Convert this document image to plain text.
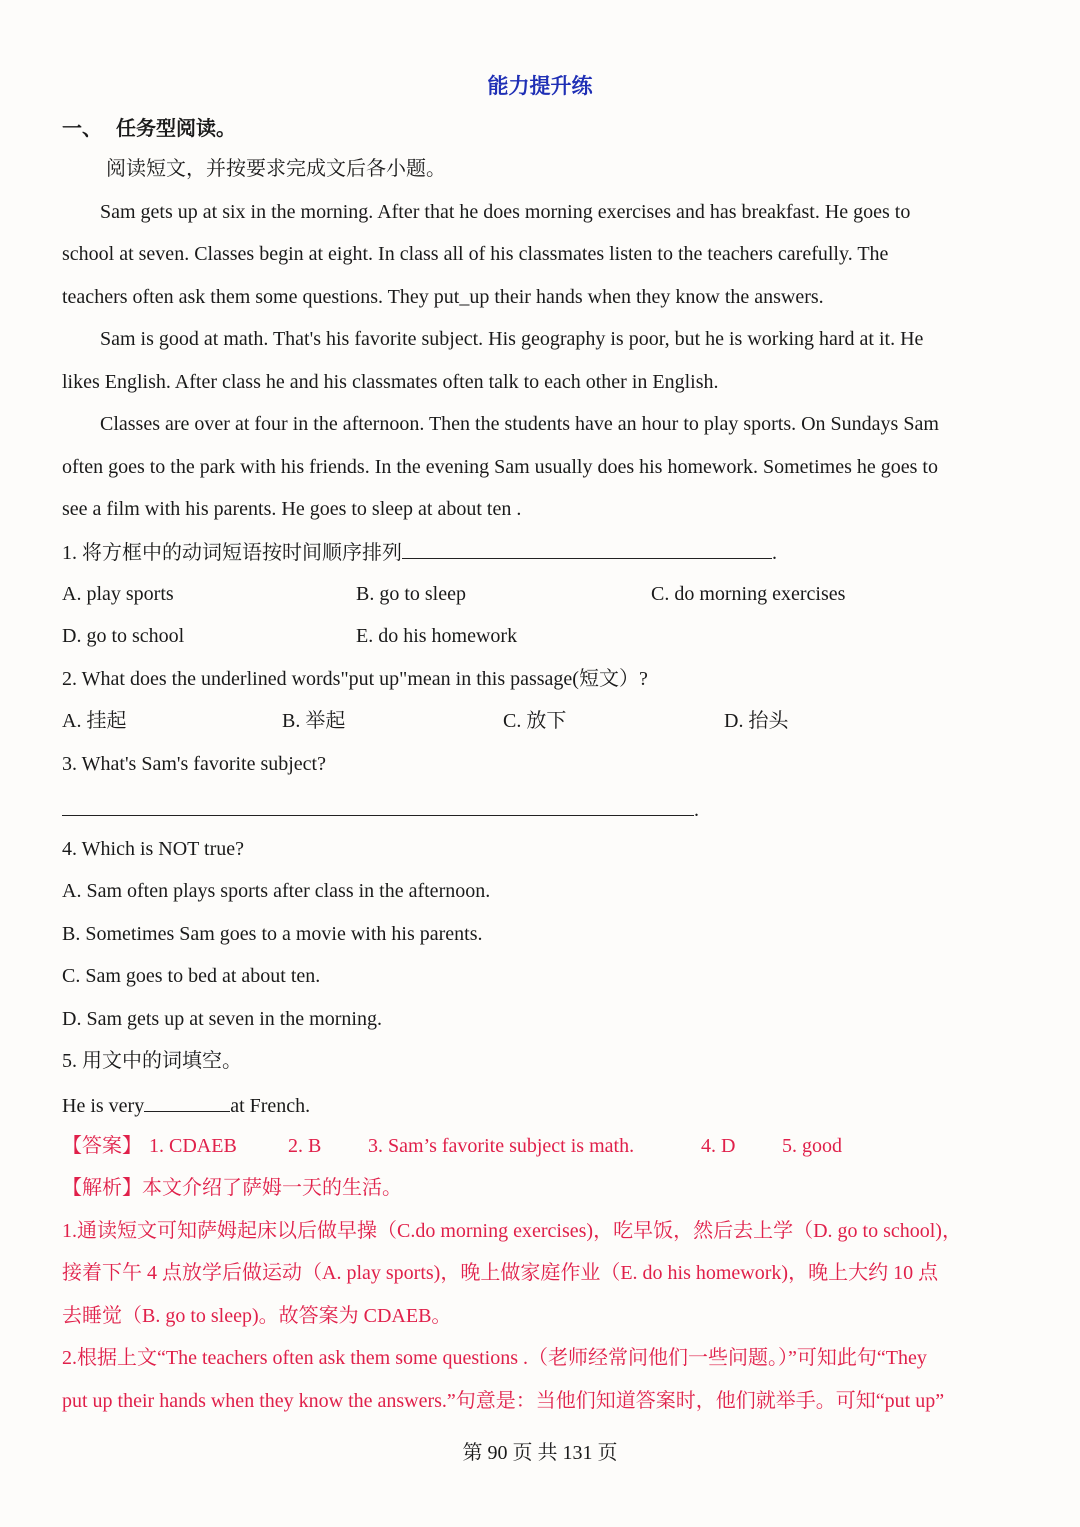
能力提升练
一、 任务型阅读。
阅读短文，并按要求完成文后各小题。
Sam gets up at six in the morning. After that he does morning exercises and has breakfast. He goes to
school at seven. Classes begin at eight. In class all of his classmates listen to the teachers carefully. The
teachers often ask them some questions. They put_up their hands when they know the answers.
Sam is good at math. That's his favorite subject. His geography is poor, but he is working hard at it. He
likes English. After class he and his classmates often talk to each other in English.
Classes are over at four in the afternoon. Then the students have an hour to play sports. On Sundays Sam
often goes to the park with his friends. In the evening Sam usually does his homework. Sometimes he goes to
see a film with his parents. He goes to sleep at about ten .
1. 将方框中的动词短语按时间顺序排列	.
A. play sports	B. go to sleep	C. do morning exercises
D. go to school	E. do his homework
2. What does the underlined words"put up"mean in this passage(短文）?
A. 挂起	B. 举起	C. 放下	D. 抬头
3. What's Sam's favorite subject?
.
4. Which is NOT true?
A. Sam often plays sports after class in the afternoon.
B. Sometimes Sam goes to a movie with his parents.
C. Sam goes to bed at about ten.
D. Sam gets up at seven in the morning.
5. 用文中的词填空。
He is very	at French.
【答案】 1. CDAEB	2. B 3. Sam’s favorite subject is math.	4. D 5. good
【解析】本文介绍了萨姆一天的生活。
1.通读短文可知萨姆起床以后做早操（C.do morning exercises)，吃早饭，然后去上学（D. go to school)，
接着下午 4 点放学后做运动（A. play sports)，晚上做家庭作业（E. do his homework)，晚上大约 10 点
去睡觉（B. go to sleep)。故答案为 CDAEB。
2.根据上文“The teachers often ask them some questions .（老师经常问他们一些问题。）”可知此句“They
put up their hands when they know the answers.”句意是：当他们知道答案时，他们就举手。可知“put up”
第 90 页 共 131 页
